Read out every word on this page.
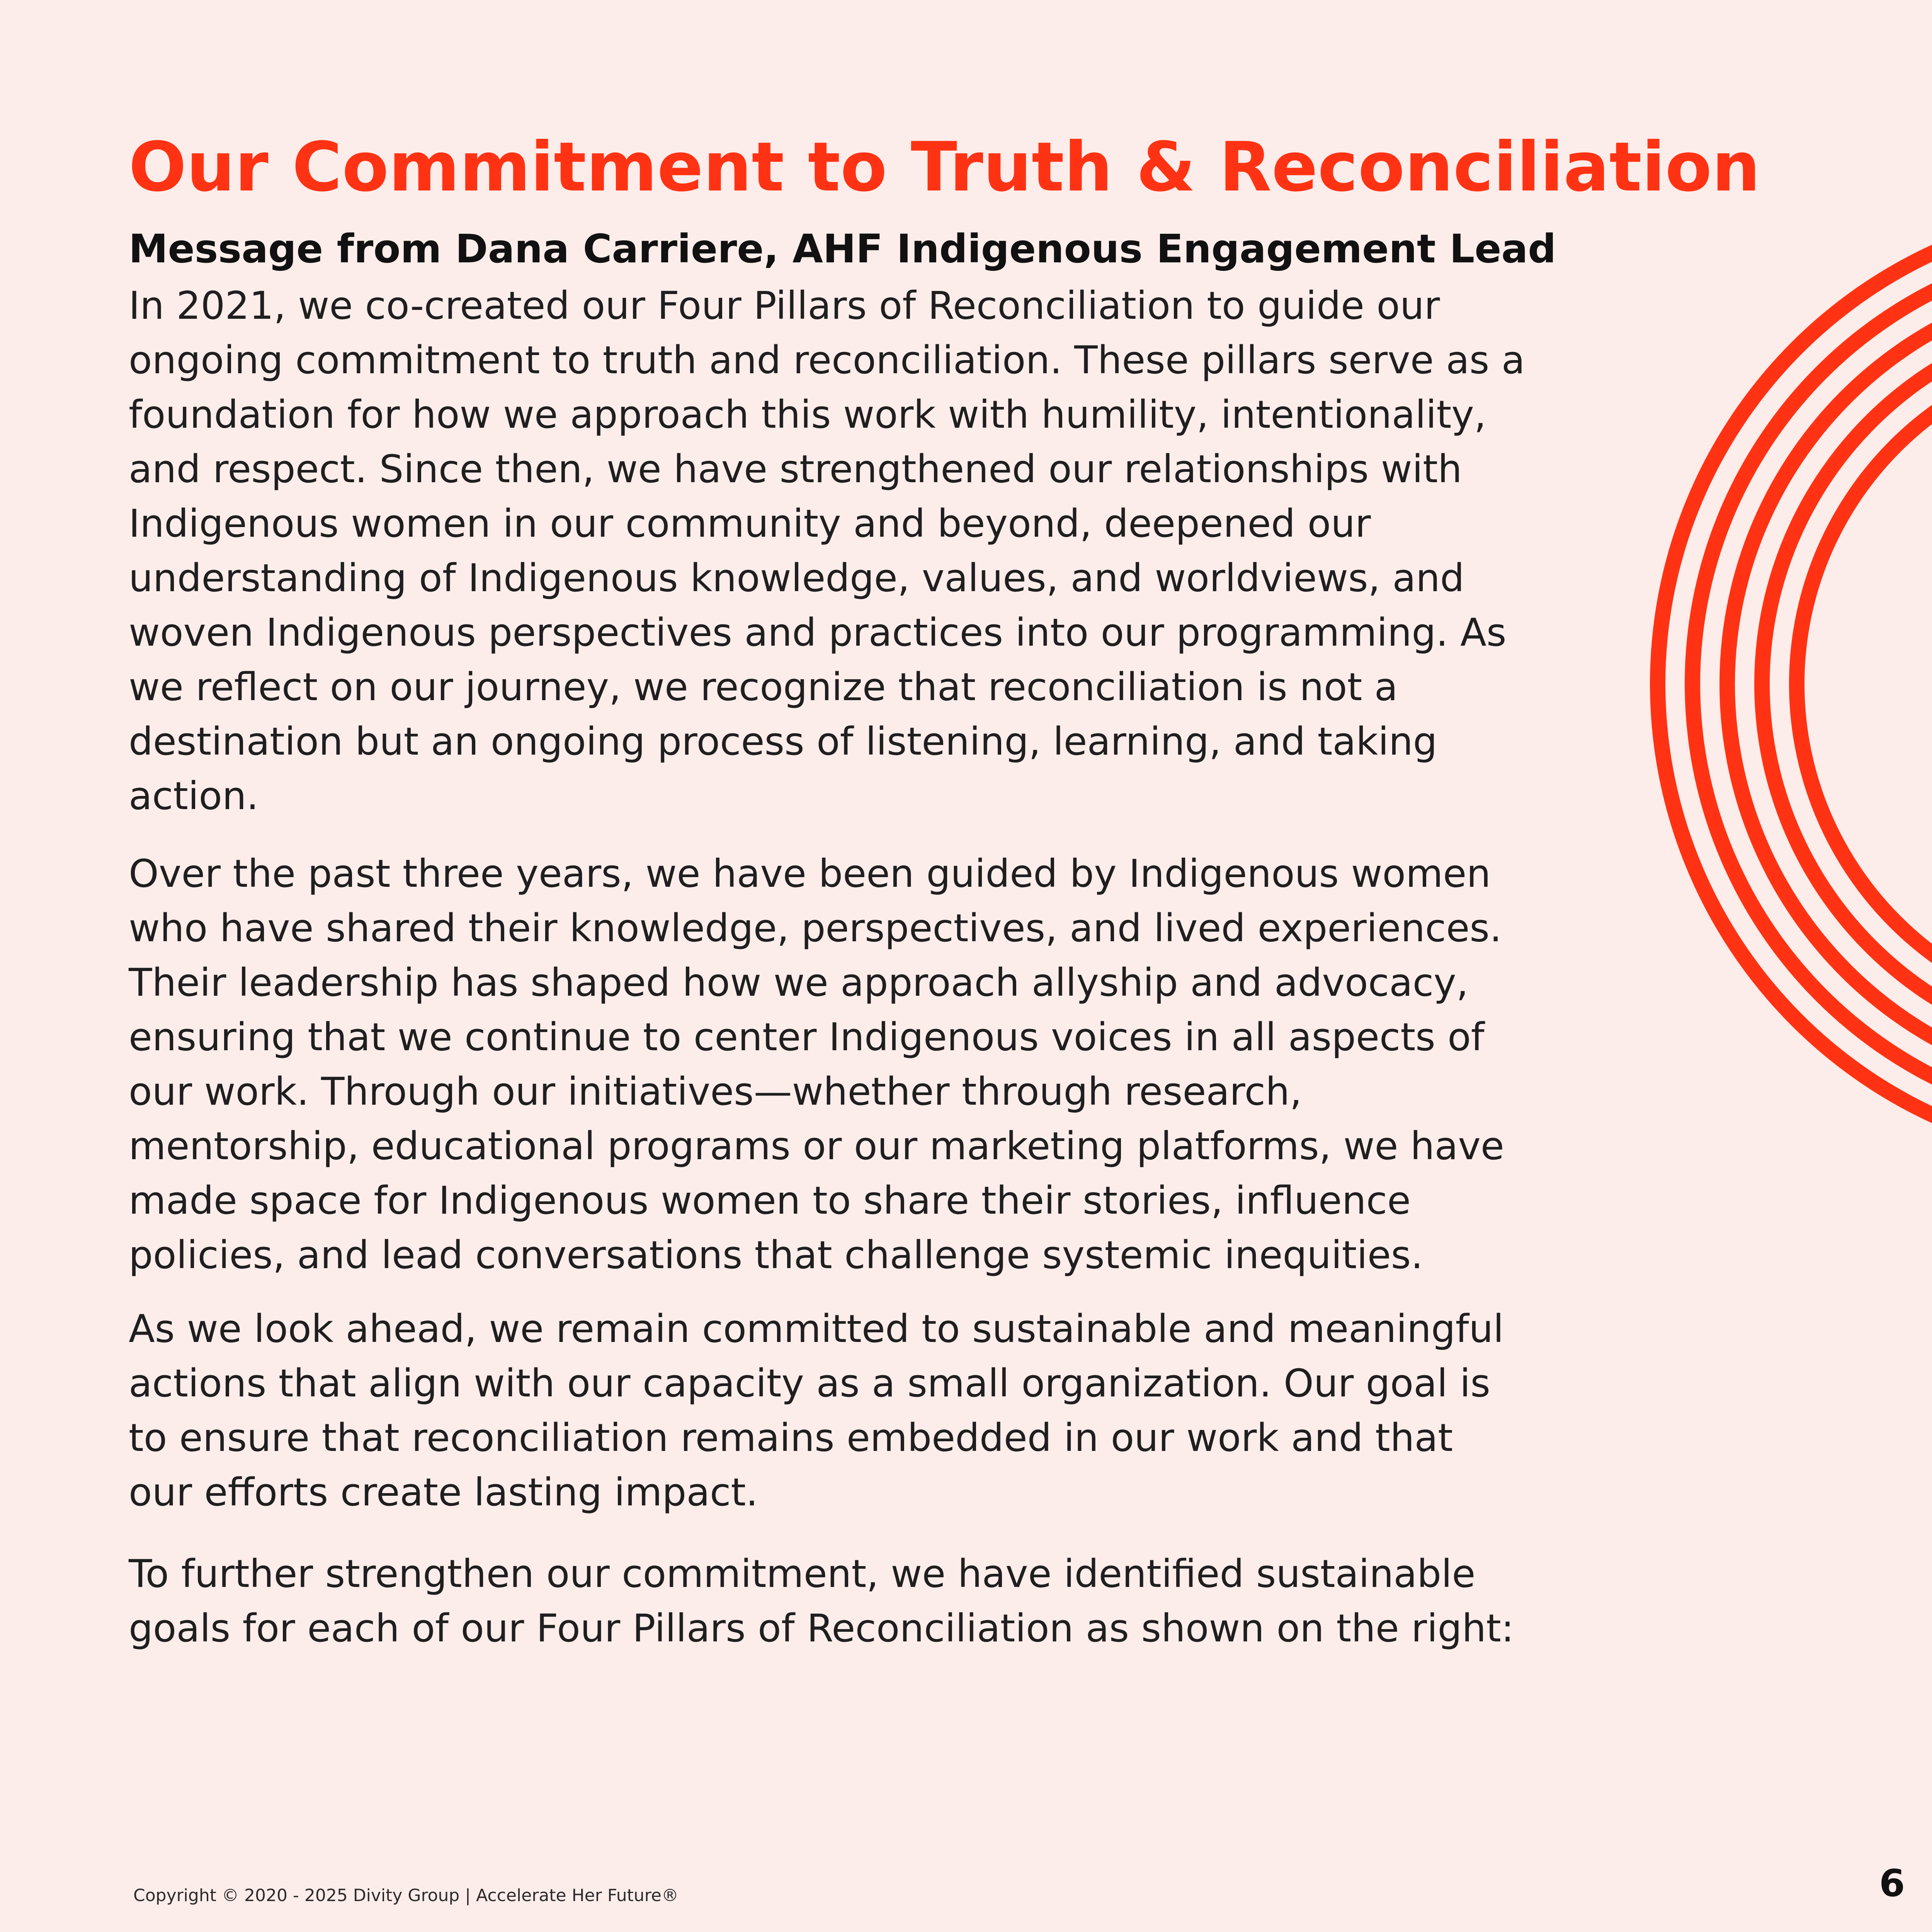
Our Commitment to Truth & Reconciliation
Message from Dana Carriere, AHF Indigenous Engagement Lead

In 2021, we co-created our Four Pillars of Reconciliation to guide our ongoing commitment to truth and reconciliation. These pillars serve as a foundation for how we approach this work with humility, intentionality, and respect. Since then, we have strengthened our relationships with Indigenous women in our community and beyond, deepened our understanding of Indigenous knowledge, values, and worldviews, and woven Indigenous perspectives and practices into our programming. As we reflect on our journey, we recognize that reconciliation is not a destination but an ongoing process of listening, learning, and taking action.

Over the past three years, we have been guided by Indigenous women who have shared their knowledge, perspectives, and lived experiences. Their leadership has shaped how we approach allyship and advocacy, ensuring that we continue to center Indigenous voices in all aspects of our work. Through our initiatives—whether through research, mentorship, educational programs or our marketing platforms, we have made space for Indigenous women to share their stories, influence policies, and lead conversations that challenge systemic inequities.

As we look ahead, we remain committed to sustainable and meaningful actions that align with our capacity as a small organization. Our goal is to ensure that reconciliation remains embedded in our work and that our efforts create lasting impact.

To further strengthen our commitment, we have identified sustainable goals for each of our Four Pillars of Reconciliation as shown on the right:

Copyright © 2020 - 2025 Divity Group | Accelerate Her Future®	6
